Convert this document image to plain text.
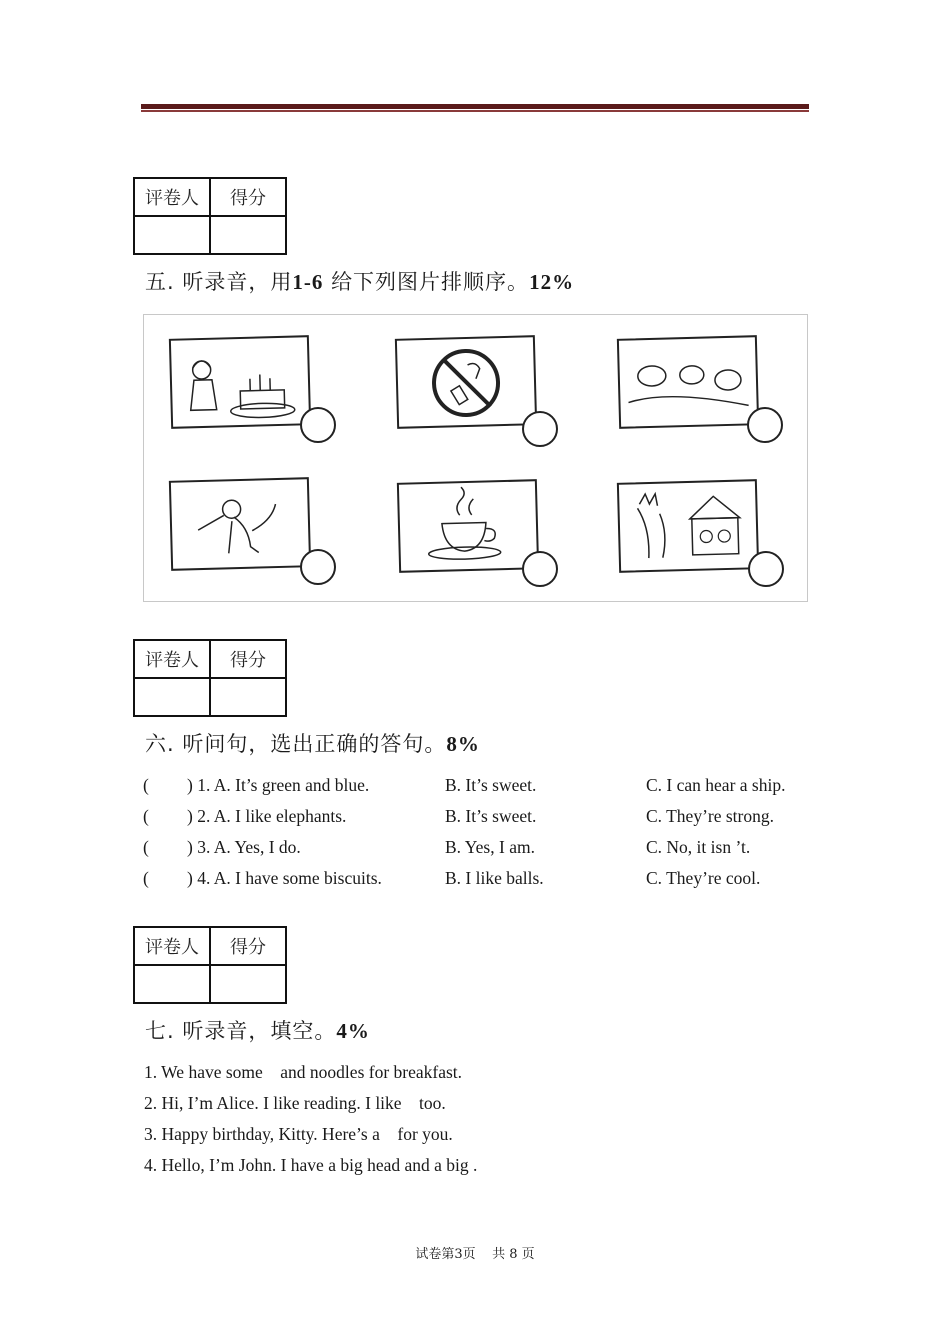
评卷人	得分

五. 听录音，用1-6 给下列图片排顺序。12%
评卷人	得分

六. 听问句，选出正确的答句。8%
( ) 1. A. It’s green and blue.	B. It’s sweet.	C. I can hear a ship.
( ) 2. A. I like elephants.	B. It’s sweet.	C. They’re strong.
( ) 3. A. Yes, I do.	B. Yes, I am.	C. No, it isn ’t.
( ) 4. A. I have some biscuits.	B. I like balls.	C. They’re cool.
评卷人	得分

七. 听录音，填空。4%
1. We have some    and noodles for breakfast.
2. Hi, I’m Alice. I like reading. I like    too.
3. Happy birthday, Kitty. Here’s a    for you.
4. Hello, I’m John. I have a big head and a big .
试卷第3页    共 8 页
